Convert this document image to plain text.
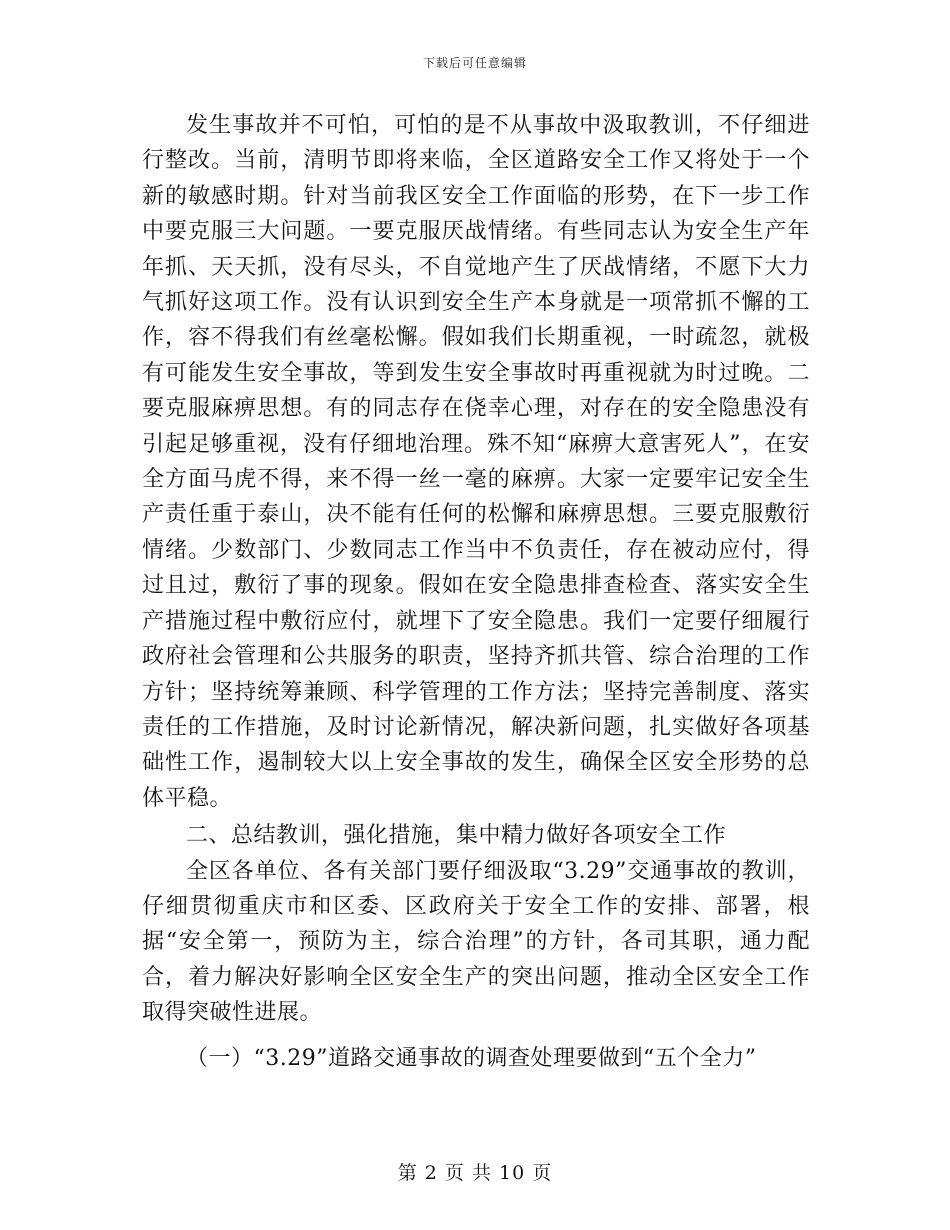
下载后可任意编辑

发生事故并不可怕，可怕的是不从事故中汲取教训，不仔细进行整改。当前，清明节即将来临，全区道路安全工作又将处于一个新的敏感时期。针对当前我区安全工作面临的形势，在下一步工作中要克服三大问题。一要克服厌战情绪。有些同志认为安全生产年年抓、天天抓，没有尽头，不自觉地产生了厌战情绪，不愿下大力气抓好这项工作。没有认识到安全生产本身就是一项常抓不懈的工作，容不得我们有丝毫松懈。假如我们长期重视，一时疏忽，就极有可能发生安全事故，等到发生安全事故时再重视就为时过晚。二要克服麻痹思想。有的同志存在侥幸心理，对存在的安全隐患没有引起足够重视，没有仔细地治理。殊不知“麻痹大意害死人”，在安全方面马虎不得，来不得一丝一毫的麻痹。大家一定要牢记安全生产责任重于泰山，决不能有任何的松懈和麻痹思想。三要克服敷衍情绪。少数部门、少数同志工作当中不负责任，存在被动应付，得过且过，敷衍了事的现象。假如在安全隐患排查检查、落实安全生产措施过程中敷衍应付，就埋下了安全隐患。我们一定要仔细履行政府社会管理和公共服务的职责，坚持齐抓共管、综合治理的工作方针；坚持统筹兼顾、科学管理的工作方法；坚持完善制度、落实责任的工作措施，及时讨论新情况，解决新问题，扎实做好各项基础性工作，遏制较大以上安全事故的发生，确保全区安全形势的总体平稳。

二、总结教训，强化措施，集中精力做好各项安全工作

全区各单位、各有关部门要仔细汲取“3.29”交通事故的教训，仔细贯彻重庆市和区委、区政府关于安全工作的安排、部署，根据“安全第一，预防为主，综合治理”的方针，各司其职，通力配合，着力解决好影响全区安全生产的突出问题，推动全区安全工作取得突破性进展。

（一）“3.29”道路交通事故的调查处理要做到“五个全力”

第 2 页 共 10 页
